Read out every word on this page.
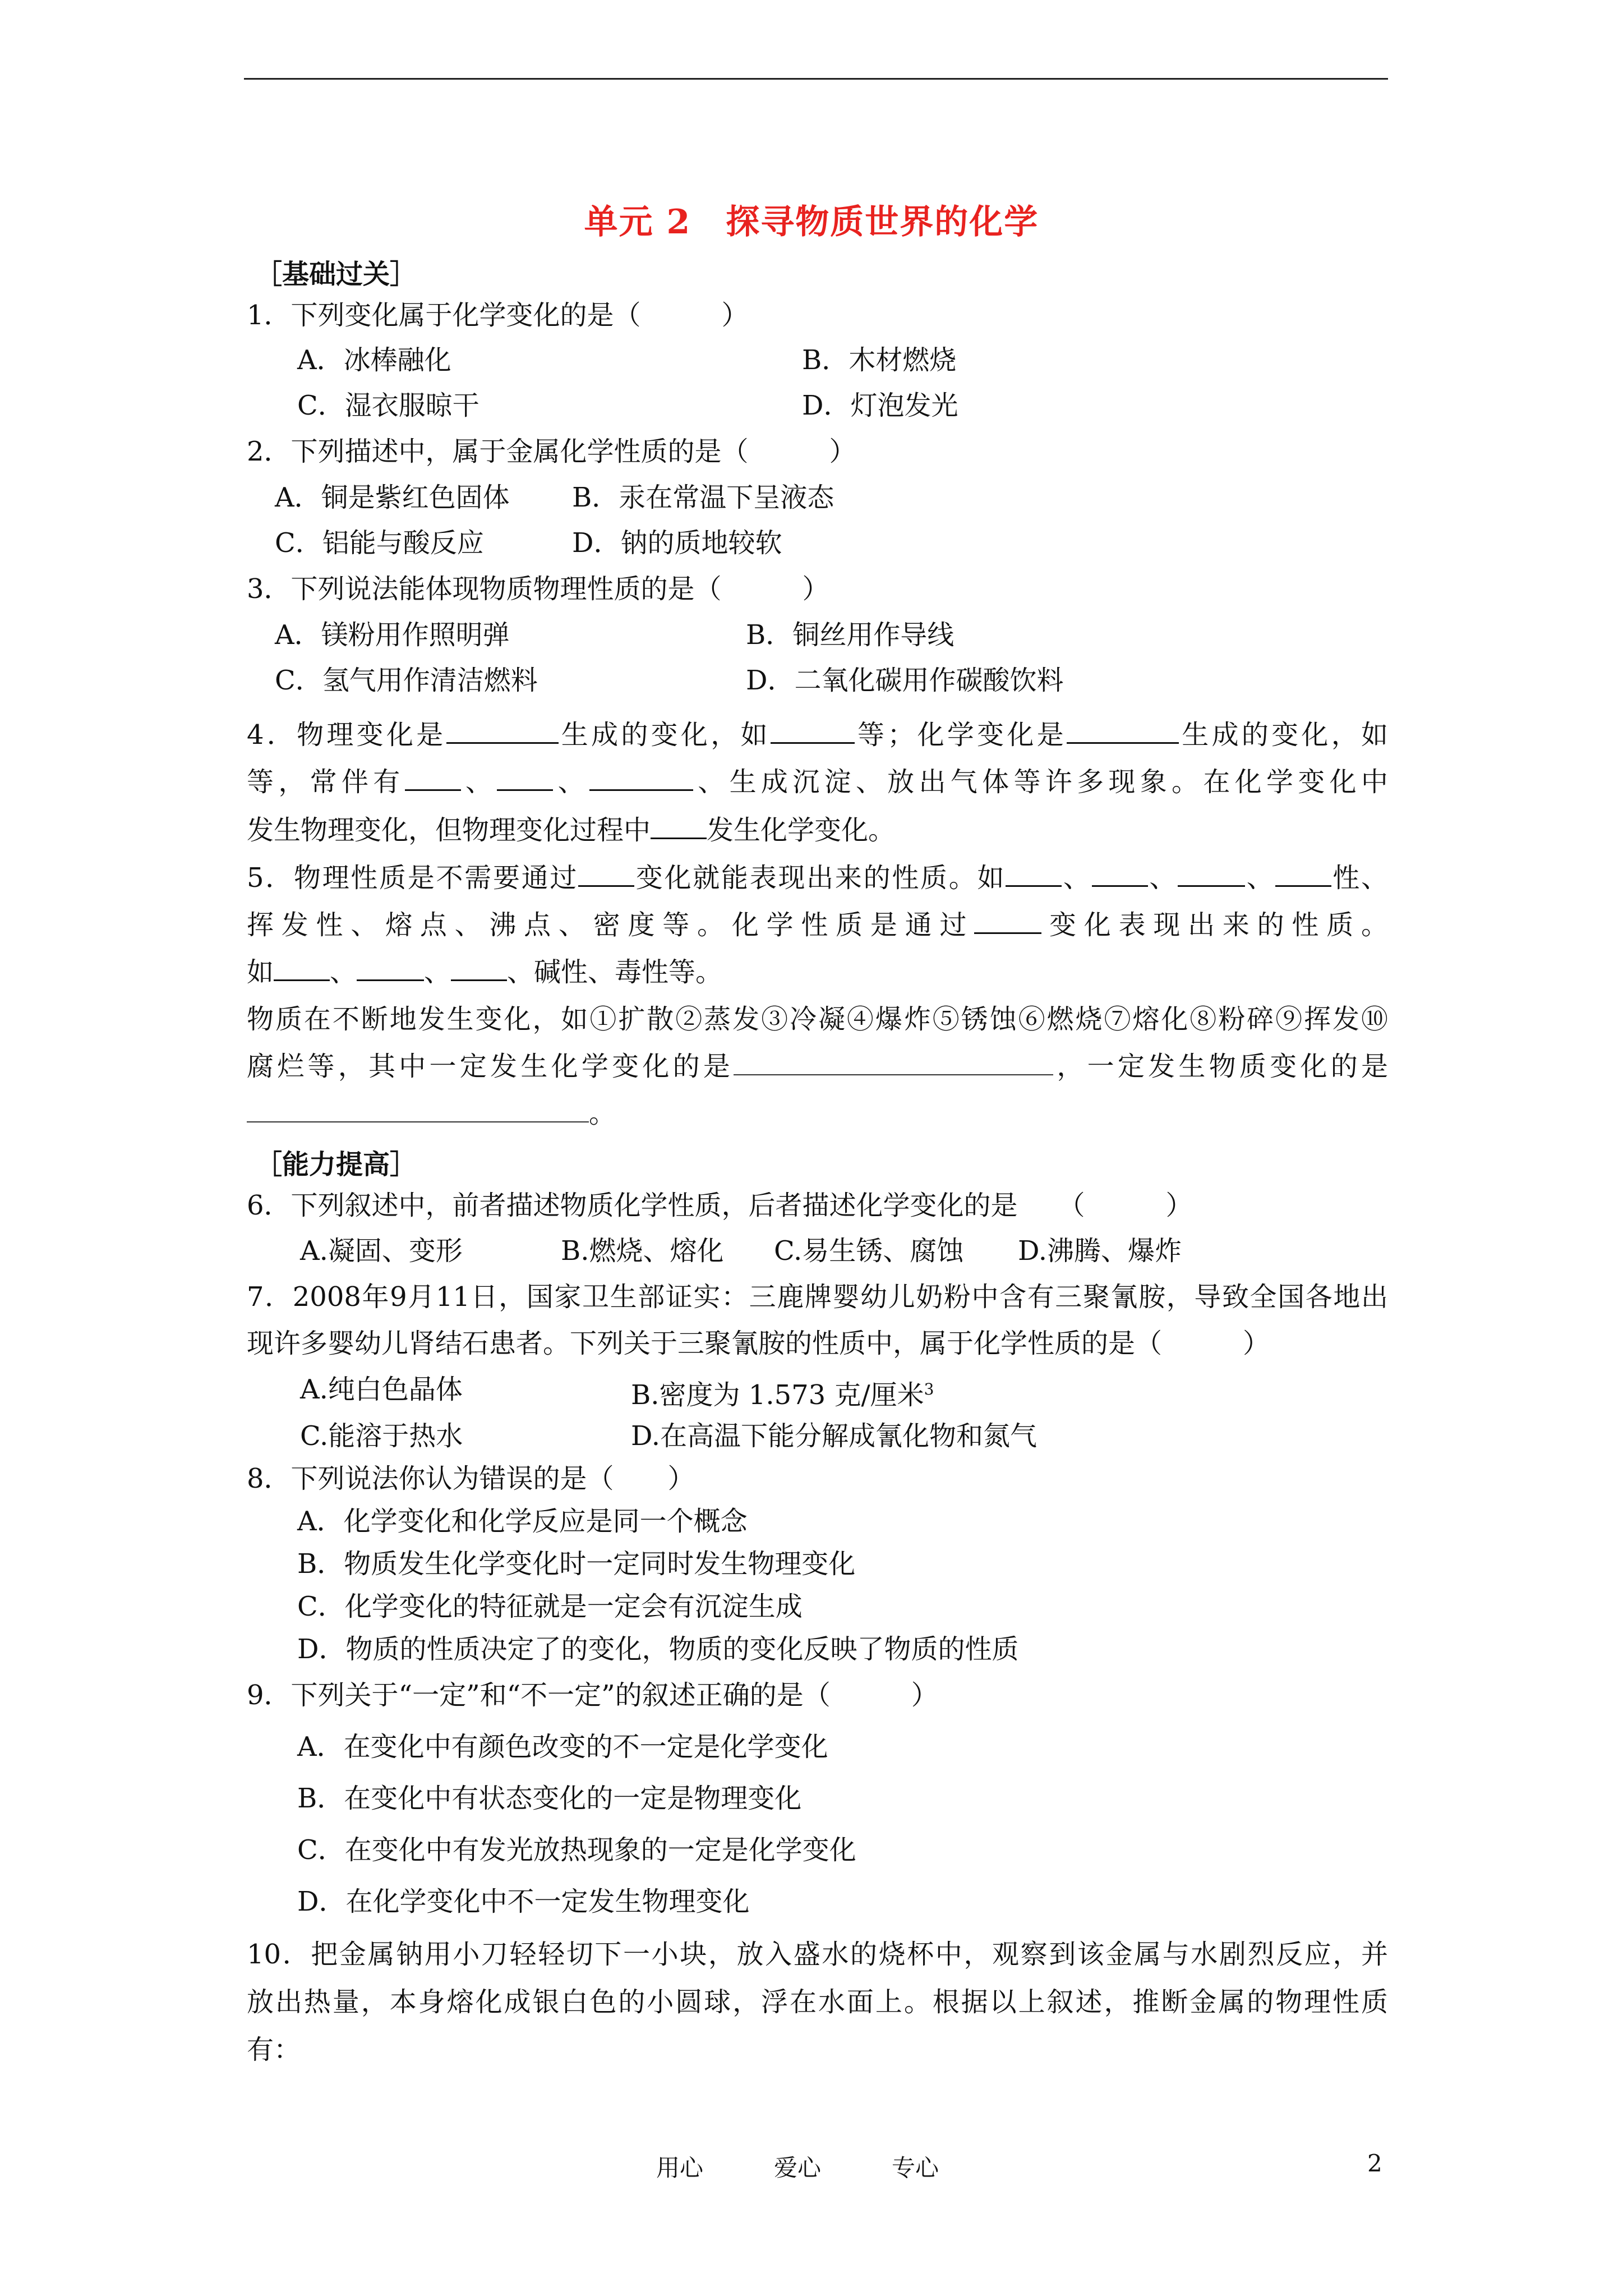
单元 2　探寻物质世界的化学
［基础过关］
1．下列变化属于化学变化的是（　　　）
A．冰棒融化	B．木材燃烧
C．湿衣服晾干	D．灯泡发光
2．下列描述中，属于金属化学性质的是（　　　）
A．铜是紫红色固体 B．汞在常温下呈液态
C．铝能与酸反应	D．钠的质地较软
3．下列说法能体现物质物理性质的是（　　　）
A．镁粉用作照明弹	B．铜丝用作导线
C．氢气用作清洁燃料	D．二氧化碳用作碳酸饮料
4．物理变化是	生成的变化，如	等；化学变化是	生成的变化，如
等，常伴有 、 、	、生成沉淀、放出气体等许多现象。在化学变化中
发生物理变化，但物理变化过程中 发生化学变化。
5．物理性质是不需要通过 变化就能表现出来的性质。如 、 、	、 性、
挥发性、熔点、沸点、密度等。化学性质是通过	变化表现出来的性质。
如 、	、 、碱性、毒性等。
物质在不断地发生变化，如①扩散②蒸发③冷凝④爆炸⑤锈蚀⑥燃烧⑦熔化⑧粉碎⑨挥发⑩
腐烂等，其中一定发生化学变化的是	，一定发生物质变化的是
。
［能力提高］
6．下列叙述中，前者描述物质化学性质，后者描述化学变化的是　　（　　　）
A.凝固、变形	B.燃烧、熔化 C.易生锈、腐蚀 D.沸腾、爆炸
7．2008年9月11日，国家卫生部证实：三鹿牌婴幼儿奶粉中含有三聚氰胺，导致全国各地出
现许多婴幼儿肾结石患者。下列关于三聚氰胺的性质中，属于化学性质的是（　　　）
A.纯白色晶体	B.密度为 1.573 克/厘米$^3$
C.能溶于热水	D.在高温下能分解成氰化物和氮气
8．下列说法你认为错误的是（　　）
A．化学变化和化学反应是同一个概念
B．物质发生化学变化时一定同时发生物理变化
C．化学变化的特征就是一定会有沉淀生成
D．物质的性质决定了的变化，物质的变化反映了物质的性质
9．下列关于“一定”和“不一定”的叙述正确的是（　　　）
A．在变化中有颜色改变的不一定是化学变化
B．在变化中有状态变化的一定是物理变化
C．在变化中有发光放热现象的一定是化学变化
D．在化学变化中不一定发生物理变化
10．把金属钠用小刀轻轻切下一小块，放入盛水的烧杯中，观察到该金属与水剧烈反应，并
放出热量，本身熔化成银白色的小圆球，浮在水面上。根据以上叙述，推断金属的物理性质
有：
用心　　　爱心　　　专心	2
